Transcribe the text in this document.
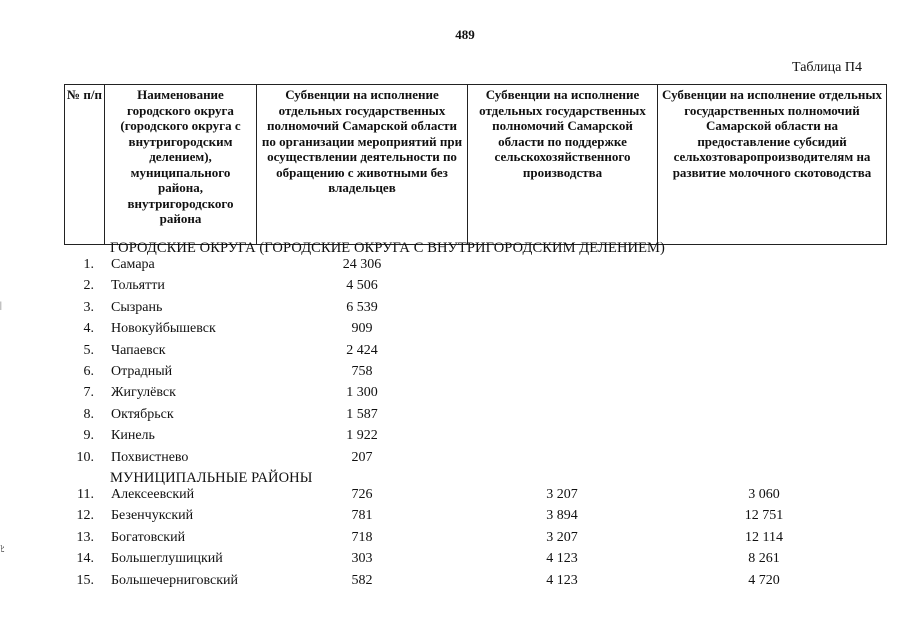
489
Таблица П4
№ п/п	Наименование городского округа (городского округа с внутригородским делением), муниципального района, внутригородского района	Субвенции на исполнение отдельных государственных полномочий Самарской области по организации мероприятий при осуществлении деятельности по обращению с животными без владельцев	Субвенции на исполнение отдельных государственных полномочий Самарской области по поддержке сельскохозяйственного производства	Субвенции на исполнение отдельных государственных полномочий Самарской области на предоставление субсидий сельхозтоваропроизводителям на развитие молочного скотоводства
ГОРОДСКИЕ ОКРУГА (ГОРОДСКИЕ ОКРУГА С ВНУТРИГОРОДСКИМ ДЕЛЕНИЕМ)
1. Самара	24 306
2. Тольятти	4 506
3. Сызрань	6 539
4. Новокуйбышевск	909
5. Чапаевск	2 424
6. Отрадный	758
7. Жигулёвск	1 300
8. Октябрьск	1 587
9. Кинель	1 922
10. Похвистнево	207
МУНИЦИПАЛЬНЫЕ РАЙОНЫ
11. Алексеевский	726	3 207	3 060
12. Безенчукский	781	3 894	12 751
13. Богатовский	718	3 207	12 114
14. Большеглушицкий	303	4 123	8 261
15. Большечерниговский	582	4 123	4 720
|
ﾋ
